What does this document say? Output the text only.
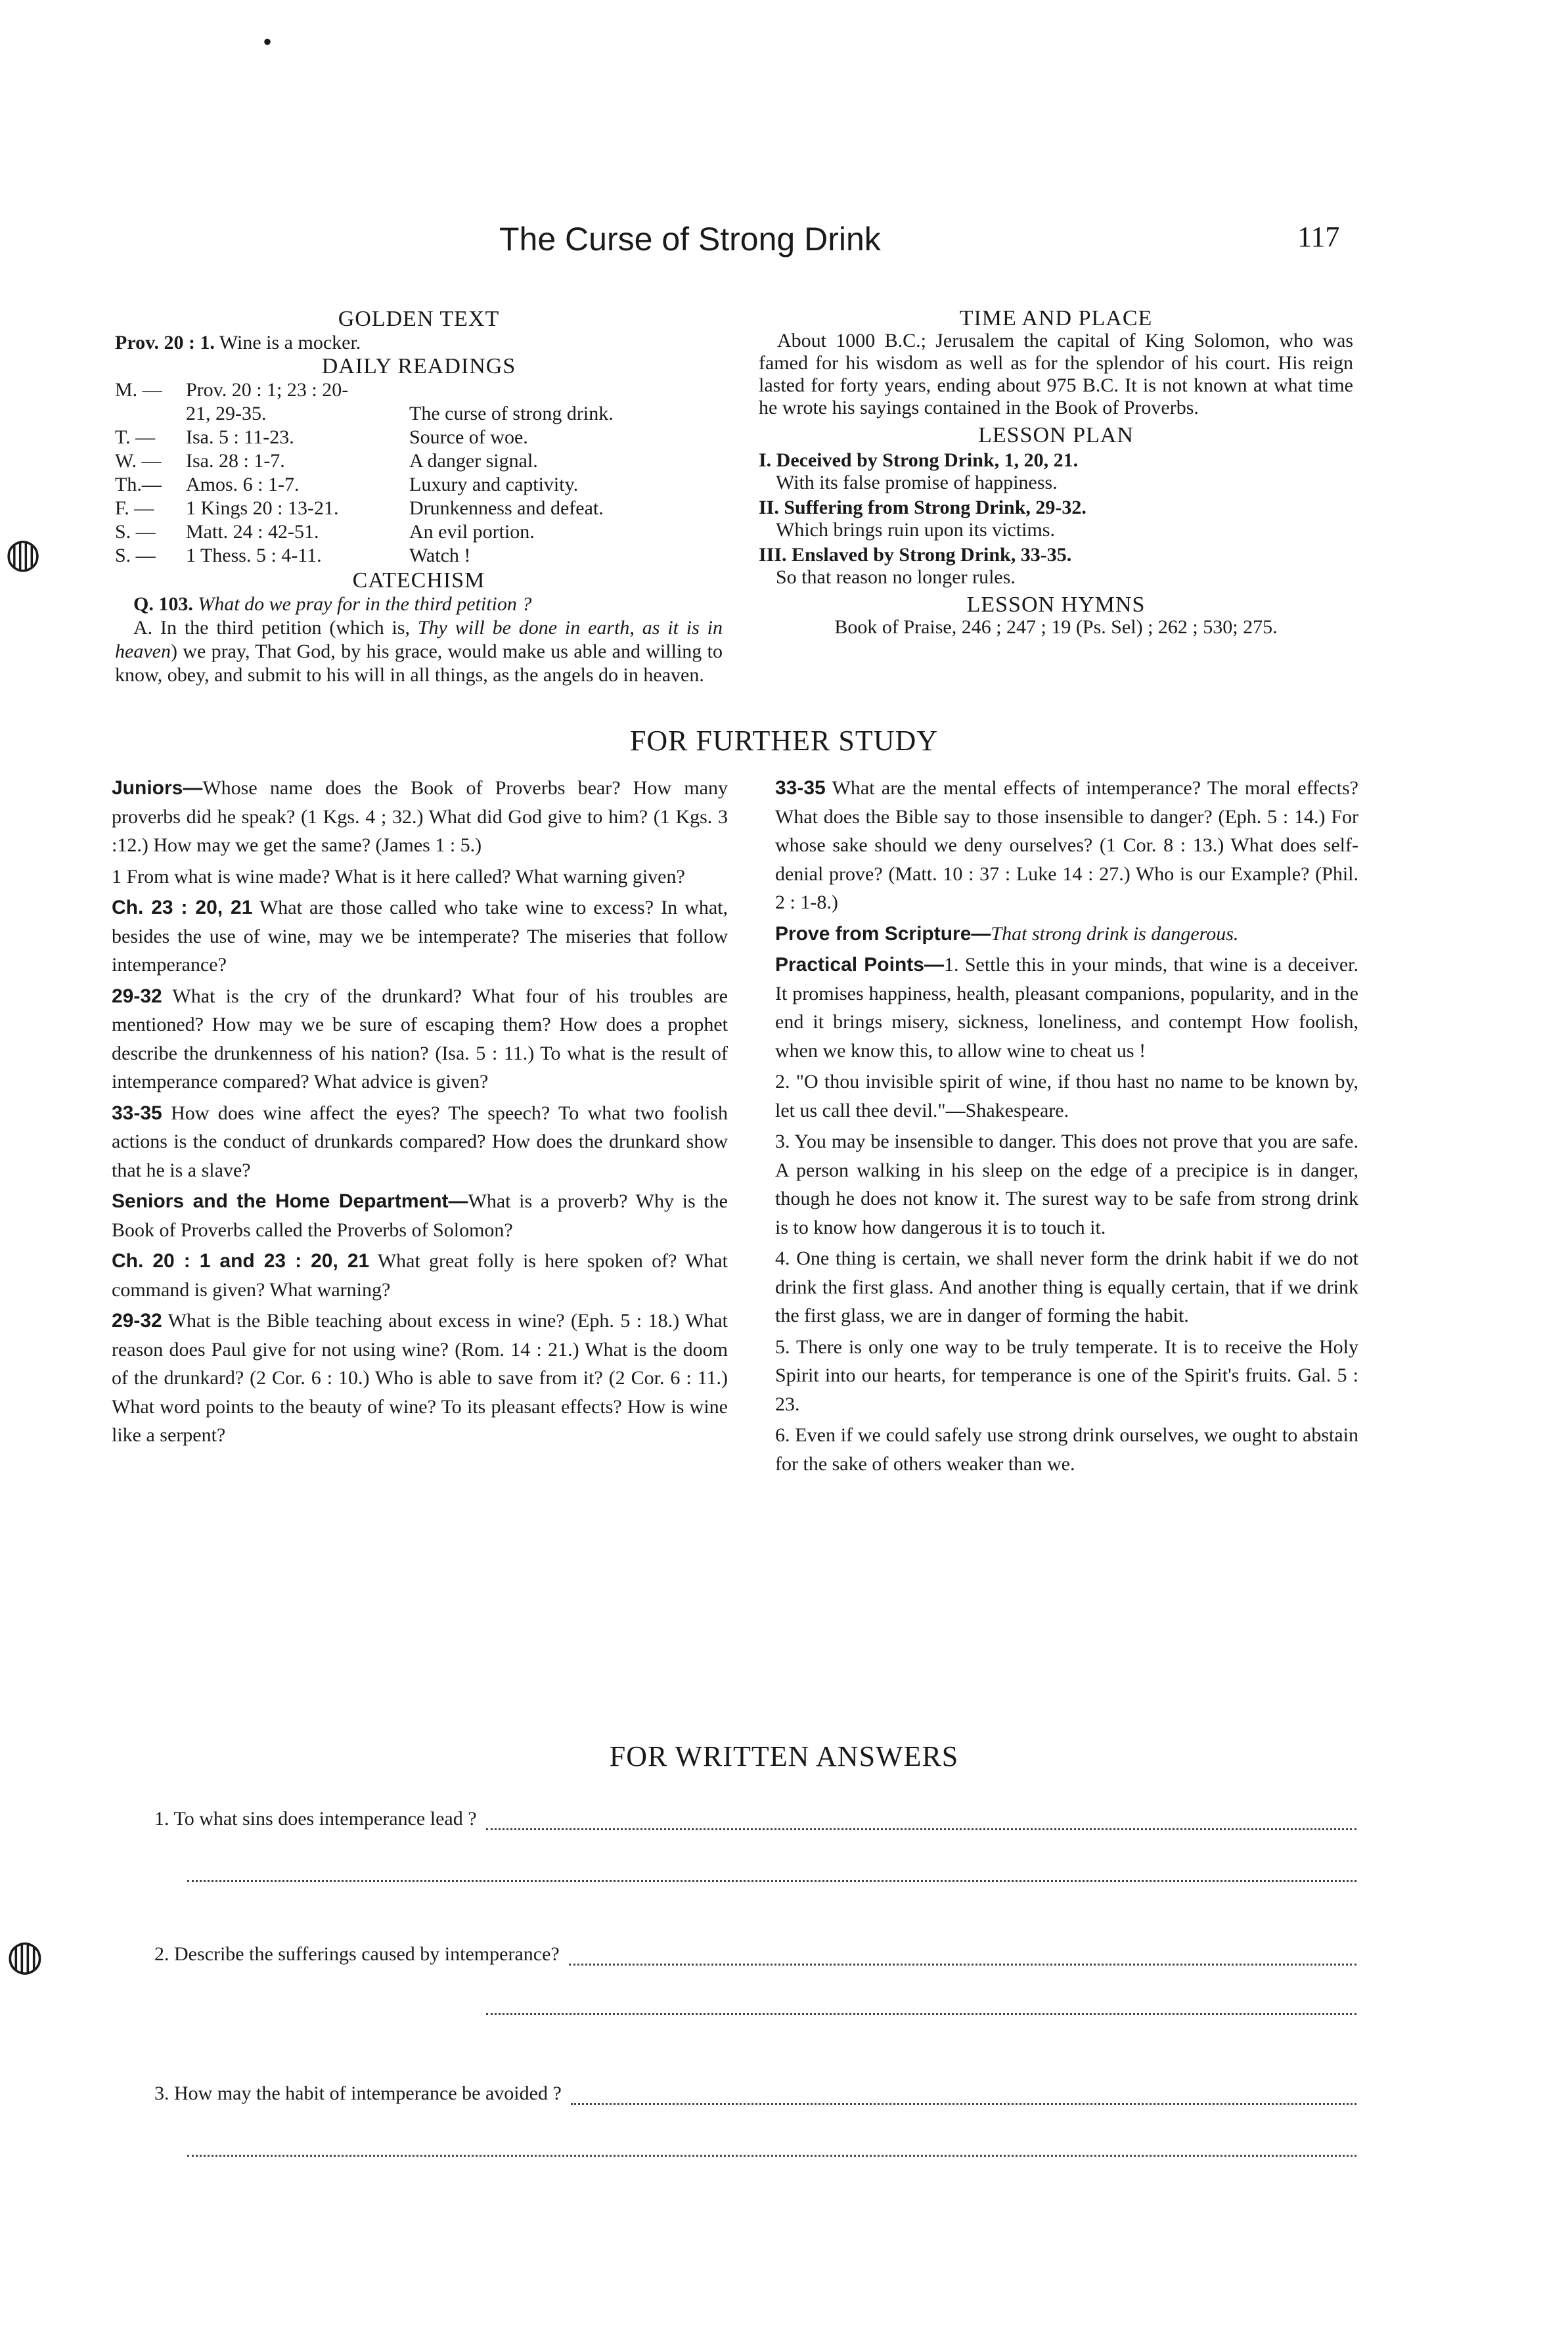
•
◍
◍
The Curse of Strong Drink	117
GOLDEN TEXT
Prov. 20 : 1. Wine is a mocker.
DAILY READINGS
M. —	Prov. 20 : 1; 23 : 20-
21, 29-35.	The curse of strong drink.
T. —	Isa. 5 : 11-23.	Source of woe.
W. —	Isa. 28 : 1-7.	A danger signal.
Th.—	Amos. 6 : 1-7.	Luxury and captivity.
F. —	1 Kings 20 : 13-21.	Drunkenness and defeat.
S. —	Matt. 24 : 42-51.	An evil portion.
S. —	1 Thess. 5 : 4-11.	Watch !
CATECHISM
Q. 103. What do we pray for in the third petition ?
A. In the third petition (which is, Thy will be done in earth, as it is in heaven) we pray, That God, by his grace, would make us able and willing to know, obey, and submit to his will in all things, as the angels do in heaven.
TIME AND PLACE
About 1000 B.C.; Jerusalem the capital of King Solomon, who was famed for his wisdom as well as for the splendor of his court. His reign lasted for forty years, ending about 975 B.C. It is not known at what time he wrote his sayings contained in the Book of Proverbs.
LESSON PLAN
I. Deceived by Strong Drink, 1, 20, 21.
With its false promise of happiness.
II. Suffering from Strong Drink, 29-32.
Which brings ruin upon its victims.
III. Enslaved by Strong Drink, 33-35.
So that reason no longer rules.
LESSON HYMNS
Book of Praise, 246 ; 247 ; 19 (Ps. Sel) ; 262 ; 530; 275.
FOR FURTHER STUDY

Juniors—Whose name does the Book of Proverbs bear? How many proverbs did he speak? (1 Kgs. 4 ; 32.) What did God give to him? (1 Kgs. 3 :12.) How may we get the same? (James 1 : 5.)

1 From what is wine made? What is it here called? What warning given?

Ch. 23 : 20, 21 What are those called who take wine to excess? In what, besides the use of wine, may we be intemperate? The miseries that follow intemperance?

29-32 What is the cry of the drunkard? What four of his troubles are mentioned? How may we be sure of escaping them? How does a prophet describe the drunkenness of his nation? (Isa. 5 : 11.) To what is the result of intemperance compared? What advice is given?

33-35 How does wine affect the eyes? The speech? To what two foolish actions is the conduct of drunkards compared? How does the drunkard show that he is a slave?

Seniors and the Home Department—What is a proverb? Why is the Book of Proverbs called the Proverbs of Solomon?

Ch. 20 : 1 and 23 : 20, 21 What great folly is here spoken of? What command is given? What warning?

29-32 What is the Bible teaching about excess in wine? (Eph. 5 : 18.) What reason does Paul give for not using wine? (Rom. 14 : 21.) What is the doom of the drunkard? (2 Cor. 6 : 10.) Who is able to save from it? (2 Cor. 6 : 11.) What word points to the beauty of wine? To its pleasant effects? How is wine like a serpent?

33-35 What are the mental effects of intemperance? The moral effects? What does the Bible say to those insensible to danger? (Eph. 5 : 14.) For whose sake should we deny ourselves? (1 Cor. 8 : 13.) What does self-denial prove? (Matt. 10 : 37 : Luke 14 : 27.) Who is our Example? (Phil. 2 : 1-8.)

Prove from Scripture—That strong drink is dangerous.

Practical Points—1. Settle this in your minds, that wine is a deceiver. It promises happiness, health, pleasant companions, popularity, and in the end it brings misery, sickness, loneliness, and contempt How foolish, when we know this, to allow wine to cheat us !

2. "O thou invisible spirit of wine, if thou hast no name to be known by, let us call thee devil."—Shakespeare.

3. You may be insensible to danger. This does not prove that you are safe. A person walking in his sleep on the edge of a precipice is in danger, though he does not know it. The surest way to be safe from strong drink is to know how dangerous it is to touch it.

4. One thing is certain, we shall never form the drink habit if we do not drink the first glass. And another thing is equally certain, that if we drink the first glass, we are in danger of forming the habit.

5. There is only one way to be truly temperate. It is to receive the Holy Spirit into our hearts, for temperance is one of the Spirit's fruits. Gal. 5 : 23.

6. Even if we could safely use strong drink ourselves, we ought to abstain for the sake of others weaker than we.

FOR WRITTEN ANSWERS
1. To what sins does intemperance lead ?
2. Describe the sufferings caused by intemperance?
3. How may the habit of intemperance be avoided ?
